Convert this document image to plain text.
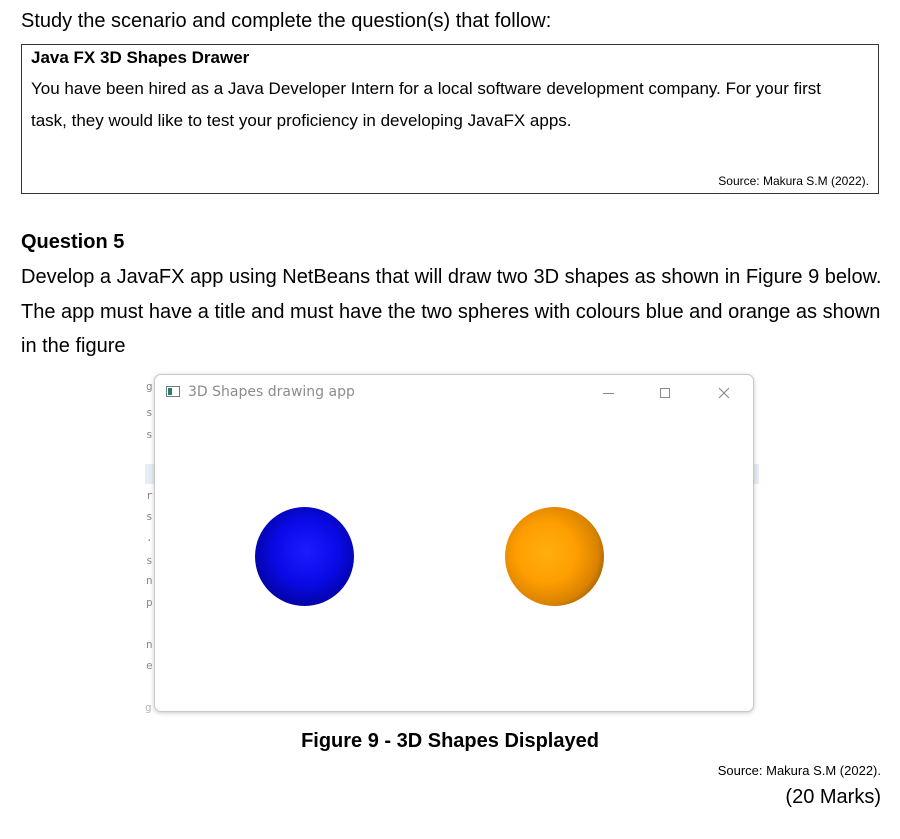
Study the scenario and complete the question(s) that follow:
Java FX 3D Shapes Drawer
You have been hired as a Java Developer Intern for a local software development company. For your first task, they would like to test your proficiency in developing JavaFX apps.
Source: Makura S.M (2022).
Question 5
Develop a JavaFX app using NetBeans that will draw two 3D shapes as shown in Figure 9 below. The app must have a title and must have the two spheres with colours blue and orange as shown in the figure
g
s
s
r
s
.
s
n
p
n
e
g
3D Shapes drawing app
Figure 9 - 3D Shapes Displayed
Source: Makura S.M (2022).
(20 Marks)
